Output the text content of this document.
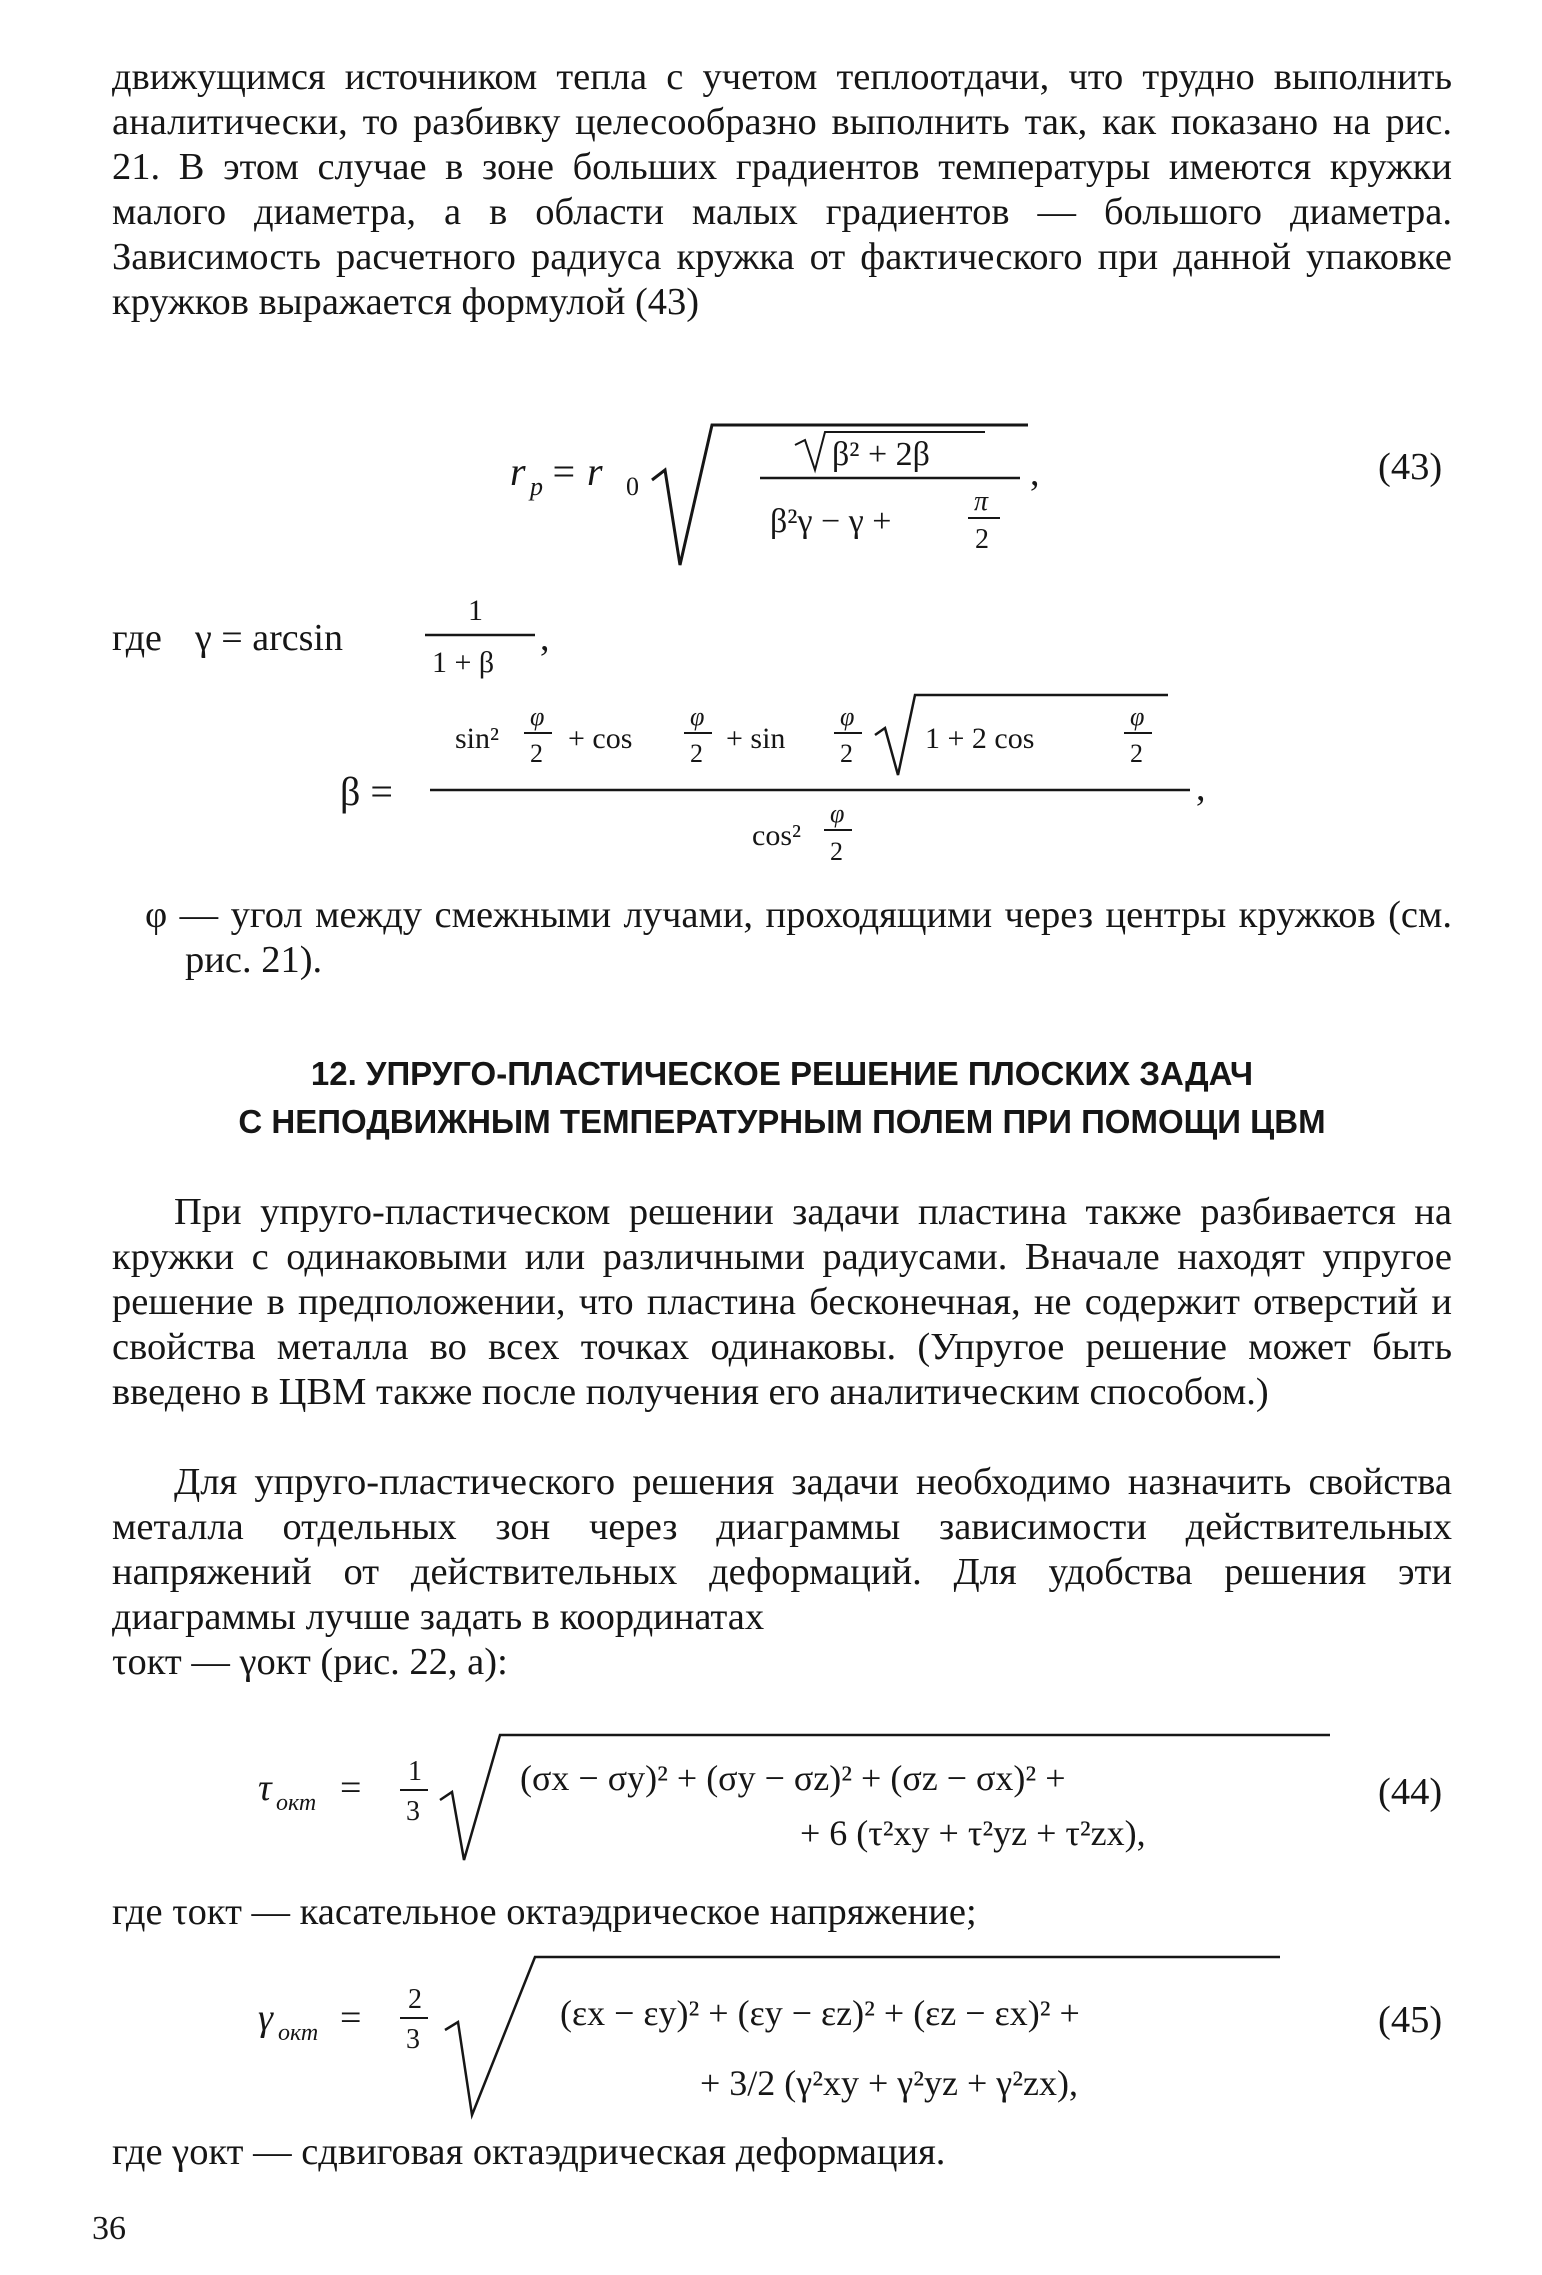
движущимся источником тепла с учетом теплоотдачи, что трудно выполнить аналитически, то разбивку целесообразно выполнить так, как показано на рис. 21. В этом случае в зоне больших градиентов температуры имеются кружки малого диаметра, а в области малых градиентов — большого диаметра. Зависимость расчетного радиуса кружка от фактического при данной упаковке кружков выражается формулой (43)

r p = r 0
β² + 2β
β²γ − γ +
π
2
,
где γ = arcsin
1
1 + β
,
β =
sin²
φ
2 + cos
φ
2 + sin
φ
2 1 + 2 cos
φ
2
cos²
φ
2
,
τ окт = 1
3
(σx − σy)² + (σy − σz)² + (σz − σx)² +
+ 6 (τ²xy + τ²yz + τ²zx),
γ окт = 2
3
(εx − εy)² + (εy − εz)² + (εz − εx)² +
+ 3/2 (γ²xy + γ²yz + γ²zx),
(43)

φ — угол между смежными лучами, проходящими через центры кружков (см. рис. 21).

12. УПРУГО-ПЛАСТИЧЕСКОЕ РЕШЕНИЕ ПЛОСКИХ ЗАДАЧ
С НЕПОДВИЖНЫМ ТЕМПЕРАТУРНЫМ ПОЛЕМ ПРИ ПОМОЩИ ЦВМ

При упруго-пластическом решении задачи пластина также разбивается на кружки с одинаковыми или различными радиусами. Вначале находят упругое решение в предположении, что пластина бесконечная, не содержит отверстий и свойства металла во всех точках одинаковы. (Упругое решение может быть введено в ЦВМ также после получения его аналитическим способом.)

Для упруго-пластического решения задачи необходимо назначить свойства металла отдельных зон через диаграммы зависимости действительных напряжений от действительных деформаций. Для удобства решения эти диаграммы лучше задать в координатах

τокт — γокт (рис. 22, а):

(44)

где τокт — касательное октаэдрическое напряжение;

(45)

где γокт — сдвиговая октаэдрическая деформация.

36
